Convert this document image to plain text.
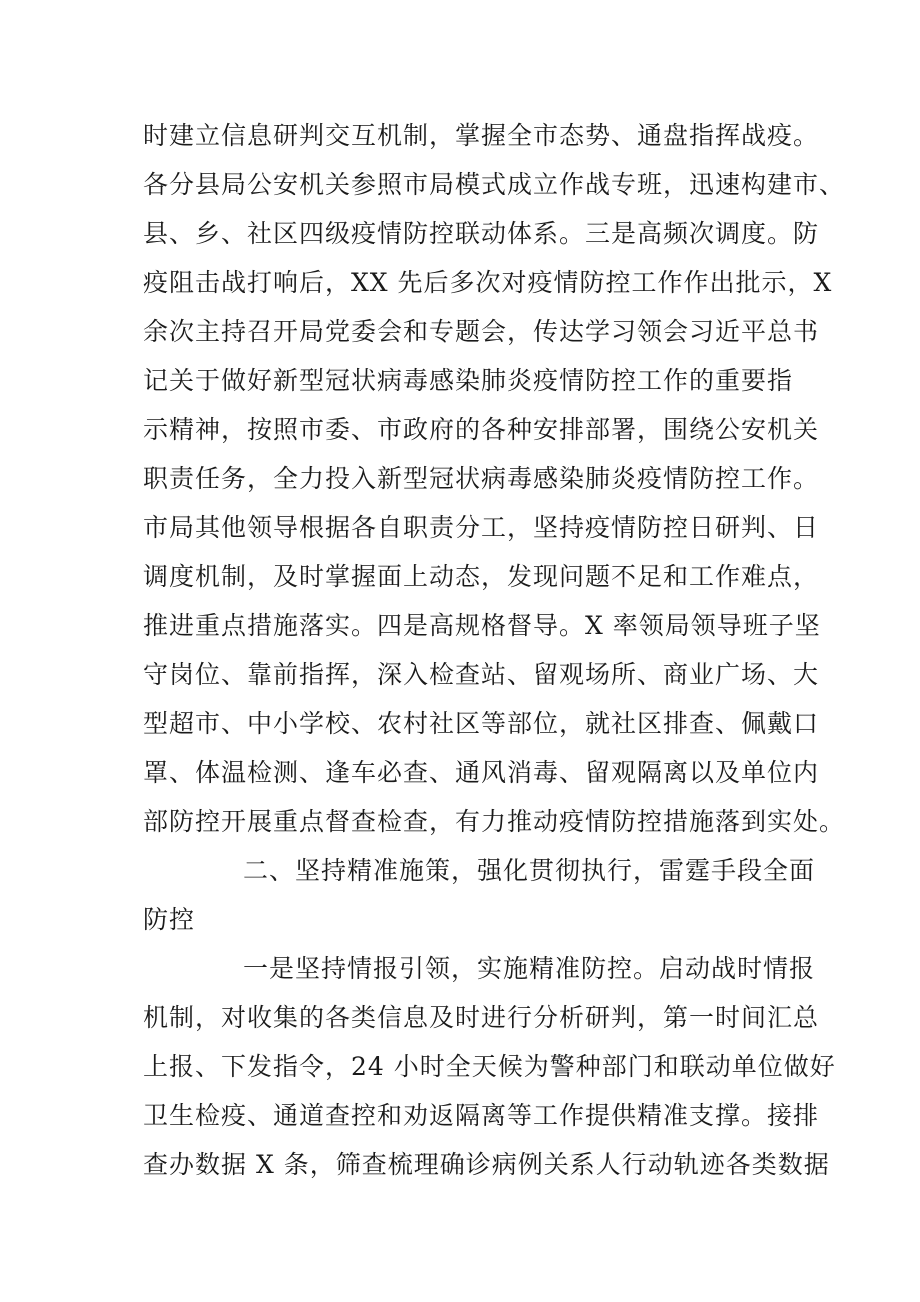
时建立信息研判交互机制，掌握全市态势、通盘指挥战疫。
各分县局公安机关参照市局模式成立作战专班，迅速构建市、
县、乡、社区四级疫情防控联动体系。三是高频次调度。防
疫阻击战打响后，XX 先后多次对疫情防控工作作出批示，X
余次主持召开局党委会和专题会，传达学习领会习近平总书
记关于做好新型冠状病毒感染肺炎疫情防控工作的重要指
示精神，按照市委、市政府的各种安排部署，围绕公安机关
职责任务，全力投入新型冠状病毒感染肺炎疫情防控工作。
市局其他领导根据各自职责分工，坚持疫情防控日研判、日
调度机制，及时掌握面上动态，发现问题不足和工作难点，
推进重点措施落实。四是高规格督导。X 率领局领导班子坚
守岗位、靠前指挥，深入检查站、留观场所、商业广场、大
型超市、中小学校、农村社区等部位，就社区排查、佩戴口
罩、体温检测、逢车必查、通风消毒、留观隔离以及单位内
部防控开展重点督查检查，有力推动疫情防控措施落到实处。
二、坚持精准施策，强化贯彻执行，雷霆手段全面
防控
一是坚持情报引领，实施精准防控。启动战时情报
机制，对收集的各类信息及时进行分析研判，第一时间汇总
上报、下发指令，24 小时全天候为警种部门和联动单位做好
卫生检疫、通道查控和劝返隔离等工作提供精准支撑。接排
查办数据 X 条，筛查梳理确诊病例关系人行动轨迹各类数据
